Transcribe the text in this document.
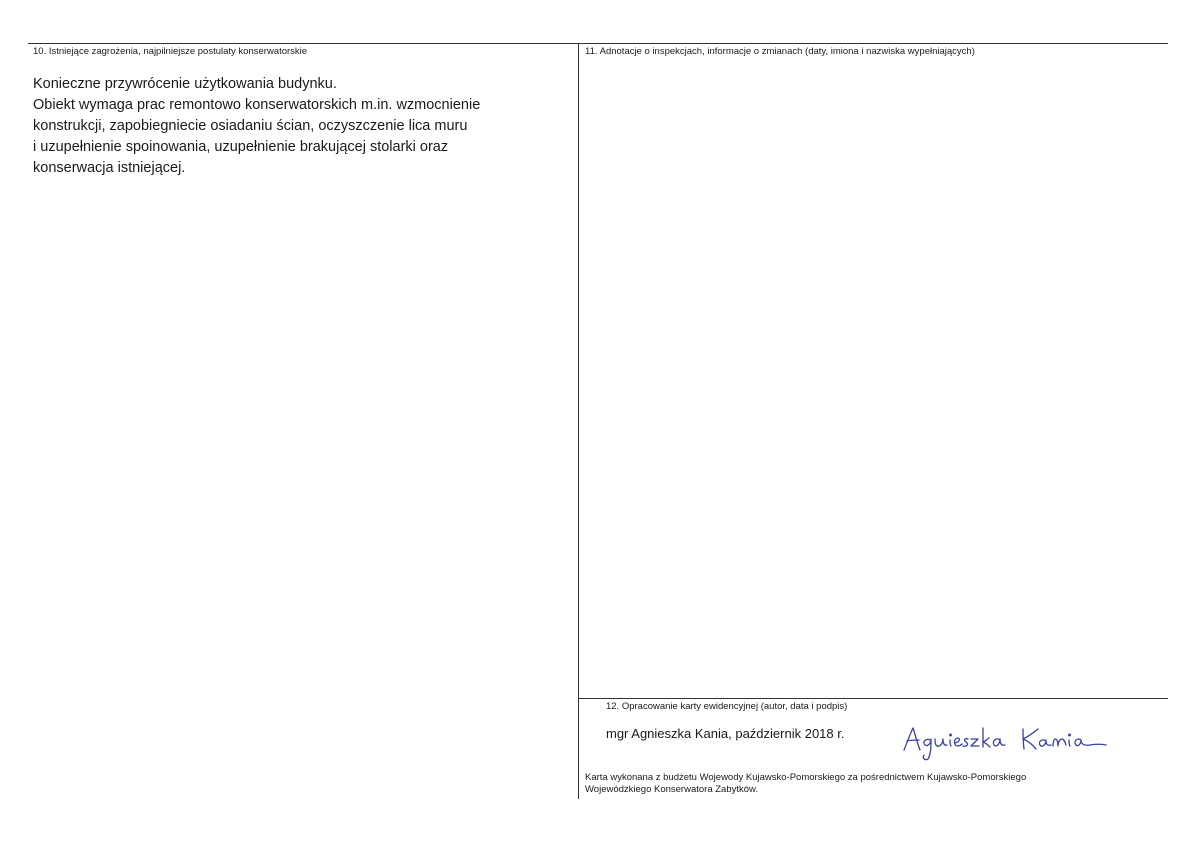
10. Istniejące zagrożenia, najpilniejsze postulaty konserwatorskie
Konieczne przywrócenie użytkowania budynku.
Obiekt wymaga prac remontowo konserwatorskich m.in. wzmocnienie
konstrukcji, zapobiegniecie osiadaniu ścian, oczyszczenie lica muru
i uzupełnienie spoinowania, uzupełnienie brakującej stolarki oraz
konserwacja istniejącej.
11. Adnotacje o inspekcjach, informacje o zmianach (daty, imiona i nazwiska wypełniających)
12. Opracowanie karty ewidencyjnej (autor, data i podpis)
mgr Agnieszka Kania, październik 2018 r.
Karta wykonana z budżetu Wojewody Kujawsko-Pomorskiego za pośrednictwem Kujawsko-Pomorskiego
Wojewódzkiego Konserwatora Zabytków.
